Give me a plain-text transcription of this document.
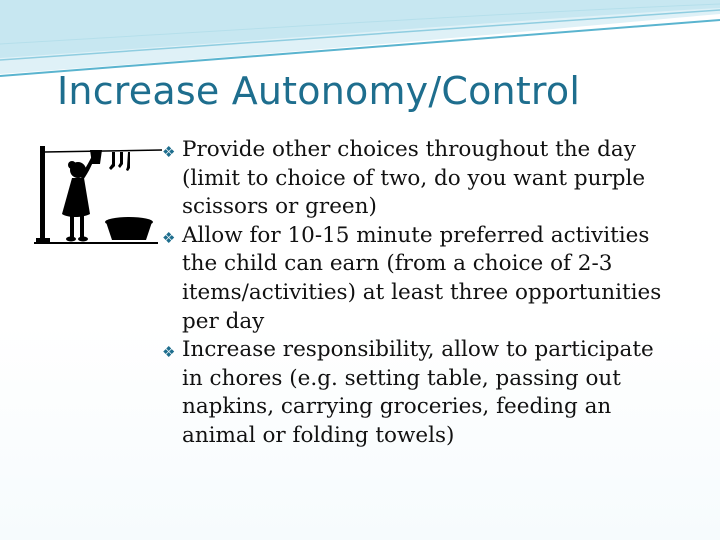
Increase Autonomy/Control
❖ Provide other choices throughout the day (limit to choice of two, do you want purple scissors or green)
❖ Allow for 10-15 minute preferred activities the child can earn (from a choice of 2-3 items/activities) at least three opportunities per day
❖ Increase responsibility, allow to participate in chores (e.g. setting table, passing out napkins, carrying groceries, feeding an animal or folding towels)
